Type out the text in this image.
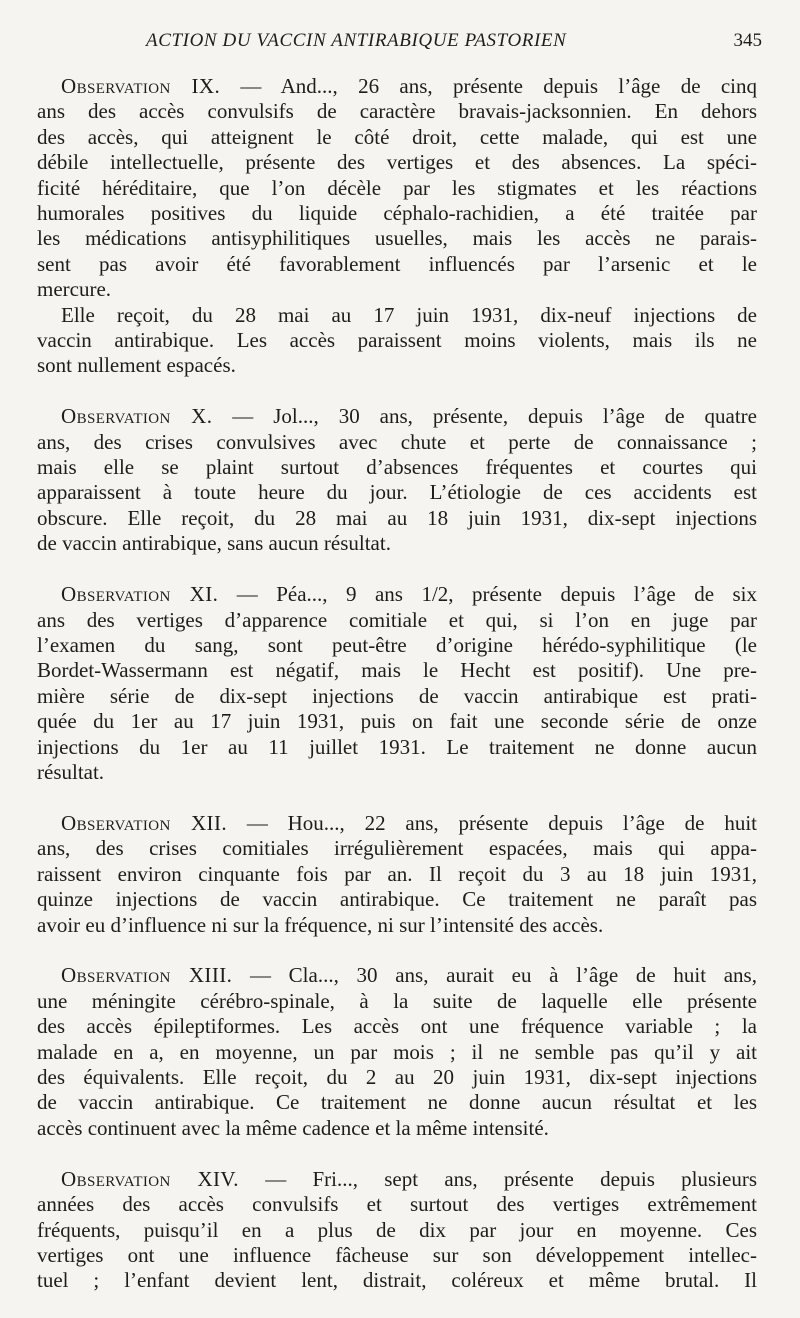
ACTION DU VACCIN ANTIRABIQUE PASTORIEN	345
Observation IX. — And..., 26 ans, présente depuis l’âge de cinq
ans des accès convulsifs de caractère bravais-jacksonnien. En dehors
des accès, qui atteignent le côté droit, cette malade, qui est une
débile intellectuelle, présente des vertiges et des absences. La spéci-
ficité héréditaire, que l’on décèle par les stigmates et les réactions
humorales positives du liquide céphalo-rachidien, a été traitée par
les médications antisyphilitiques usuelles, mais les accès ne parais-
sent pas avoir été favorablement influencés par l’arsenic et le
mercure.
Elle reçoit, du 28 mai au 17 juin 1931, dix-neuf injections de
vaccin antirabique. Les accès paraissent moins violents, mais ils ne
sont nullement espacés.
Observation X. — Jol..., 30 ans, présente, depuis l’âge de quatre
ans, des crises convulsives avec chute et perte de connaissance ;
mais elle se plaint surtout d’absences fréquentes et courtes qui
apparaissent à toute heure du jour. L’étiologie de ces accidents est
obscure. Elle reçoit, du 28 mai au 18 juin 1931, dix-sept injections
de vaccin antirabique, sans aucun résultat.
Observation XI. — Péa..., 9 ans 1/2, présente depuis l’âge de six
ans des vertiges d’apparence comitiale et qui, si l’on en juge par
l’examen du sang, sont peut-être d’origine hérédo-syphilitique (le
Bordet-Wassermann est négatif, mais le Hecht est positif). Une pre-
mière série de dix-sept injections de vaccin antirabique est prati-
quée du 1er au 17 juin 1931, puis on fait une seconde série de onze
injections du 1er au 11 juillet 1931. Le traitement ne donne aucun
résultat.
Observation XII. — Hou..., 22 ans, présente depuis l’âge de huit
ans, des crises comitiales irrégulièrement espacées, mais qui appa-
raissent environ cinquante fois par an. Il reçoit du 3 au 18 juin 1931,
quinze injections de vaccin antirabique. Ce traitement ne paraît pas
avoir eu d’influence ni sur la fréquence, ni sur l’intensité des accès.
Observation XIII. — Cla..., 30 ans, aurait eu à l’âge de huit ans,
une méningite cérébro-spinale, à la suite de laquelle elle présente
des accès épileptiformes. Les accès ont une fréquence variable ; la
malade en a, en moyenne, un par mois ; il ne semble pas qu’il y ait
des équivalents. Elle reçoit, du 2 au 20 juin 1931, dix-sept injections
de vaccin antirabique. Ce traitement ne donne aucun résultat et les
accès continuent avec la même cadence et la même intensité.
Observation XIV. — Fri..., sept ans, présente depuis plusieurs
années des accès convulsifs et surtout des vertiges extrêmement
fréquents, puisqu’il en a plus de dix par jour en moyenne. Ces
vertiges ont une influence fâcheuse sur son développement intellec-
tuel ; l’enfant devient lent, distrait, coléreux et même brutal. Il
